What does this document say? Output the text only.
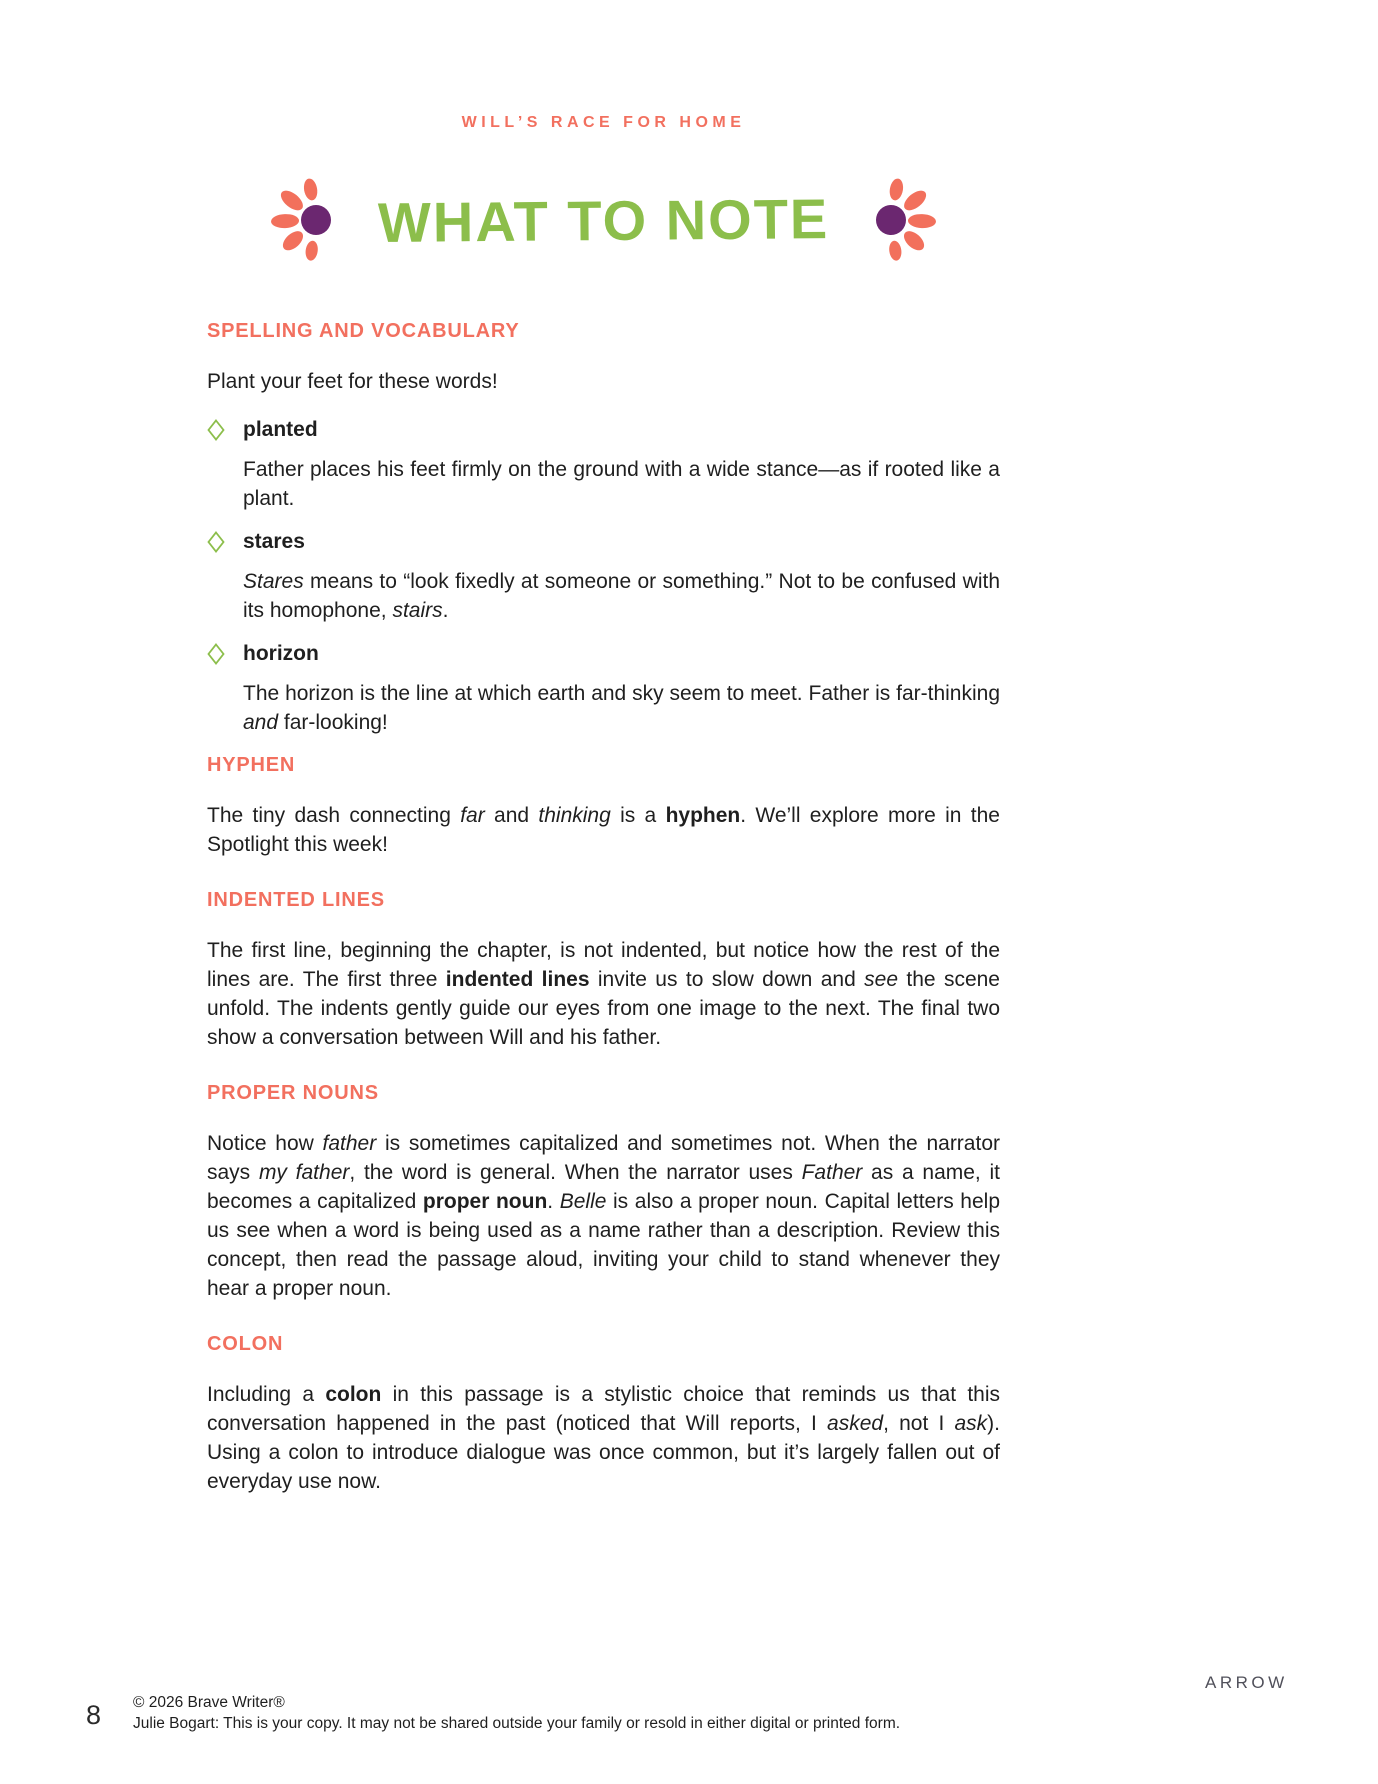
WILL’S RACE FOR HOME
WHAT TO NOTE
SPELLING AND VOCABULARY

Plant your feet for these words!

planted

Father places his feet firmly on the ground with a wide stance—as if rooted like a plant.

stares

Stares means to “look fixedly at someone or something.” Not to be confused with its homophone, stairs.

horizon

The horizon is the line at which earth and sky seem to meet. Father is far-thinking and far-looking!

HYPHEN

The tiny dash connecting far and thinking is a hyphen. We’ll explore more in the Spotlight this week!

INDENTED LINES

The first line, beginning the chapter, is not indented, but notice how the rest of the lines are. The first three indented lines invite us to slow down and see the scene unfold. The indents gently guide our eyes from one image to the next. The final two show a conversation between Will and his father.

PROPER NOUNS

Notice how father is sometimes capitalized and sometimes not. When the narrator says my father, the word is general. When the narrator uses Father as a name, it becomes a capitalized proper noun. Belle is also a proper noun. Capital letters help us see when a word is being used as a name rather than a description. Review this concept, then read the passage aloud, inviting your child to stand whenever they hear a proper noun.

COLON

Including a colon in this passage is a stylistic choice that reminds us that this conversation happened in the past (noticed that Will reports, I asked, not I ask). Using a colon to introduce dialogue was once common, but it’s largely fallen out of everyday use now.

8 © 2026 Brave Writer®
Julie Bogart: This is your copy. It may not be shared outside your family or resold in either digital or printed form.
ARROW
